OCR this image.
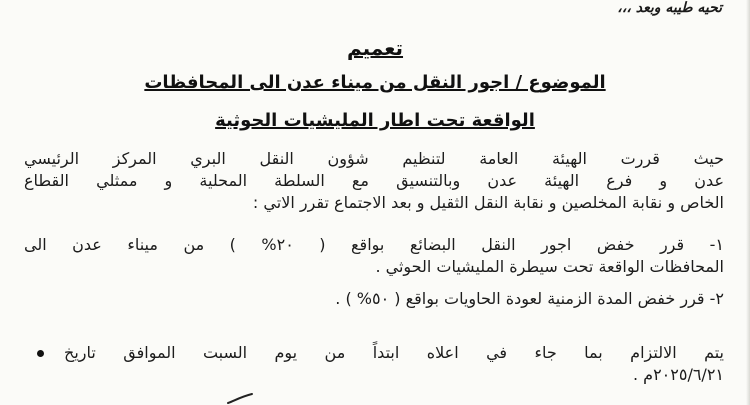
تحيه طيبه وبعد ،،،
تعميم
الموضوع / اجور النقل من ميناء عدن الى المحافظات
الواقعة تحت اطار المليشيات الحوثية
حيث قررت الهيئة العامة لتنظيم شؤون النقل البري المركز الرئيسي
عدن و فرع الهيئة عدن وبالتنسيق مع السلطة المحلية و ممثلي القطاع
الخاص و نقابة المخلصين و نقابة النقل الثقيل و بعد الاجتماع تقرر الاتي :
١- قرر خفض اجور النقل البضائع بواقع ( ٢٠% ) من ميناء عدن الى
المحافظات الواقعة تحت سيطرة المليشيات الحوثي .
٢- قرر خفض المدة الزمنية لعودة الحاويات بواقع ( ٥٠% ) .
يتم الالتزام بما جاء في اعلاه ابتداً من يوم السبت الموافق تاريخ
٢٠٢٥/٦/٢١م .
